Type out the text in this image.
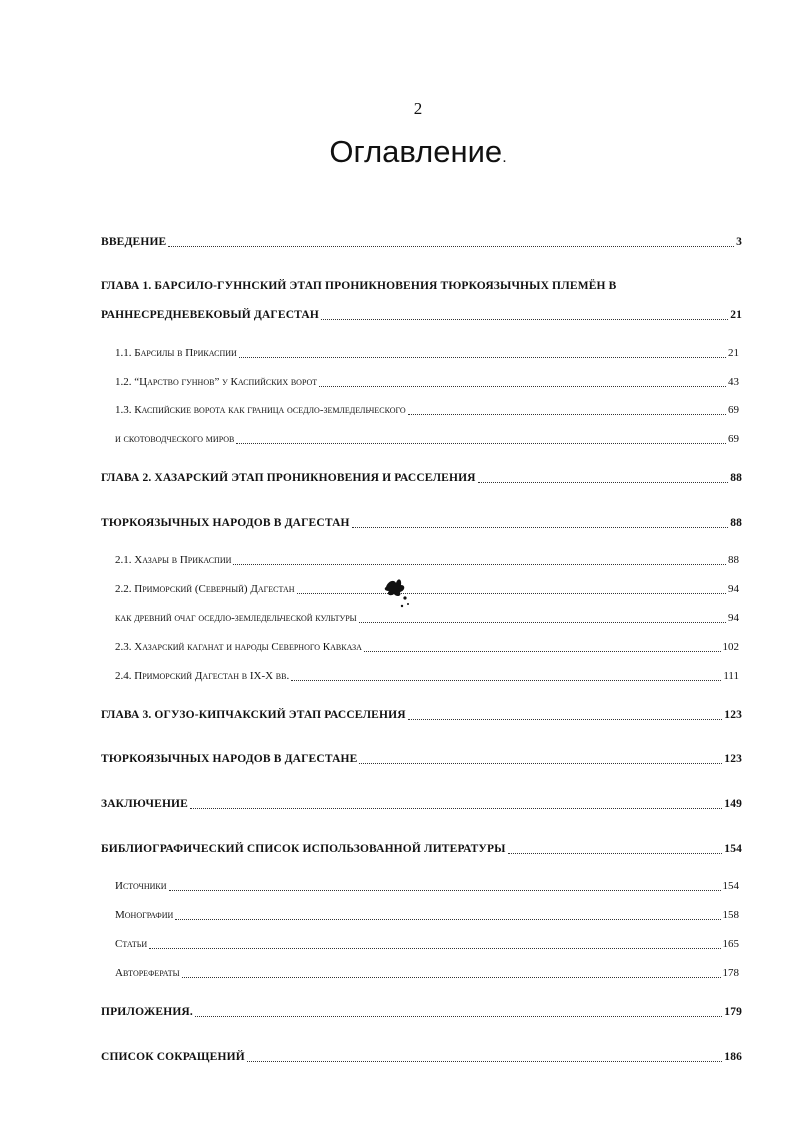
2
Оглавление.
ВВЕДЕНИЕ	3
ГЛАВА 1. БАРСИЛО-ГУННСКИЙ ЭТАП ПРОНИКНОВЕНИЯ ТЮРКОЯЗЫЧНЫХ ПЛЕМЁН В
РАННЕСРЕДНЕВЕКОВЫЙ ДАГЕСТАН	21
1.1. Барсилы в Прикаспии	21
1.2. “Царство гуннов” у Каспийских ворот	43
1.3. Каспийские ворота как граница оседло-земледельческого	69
и скотоводческого миров	69
ГЛАВА 2. ХАЗАРСКИЙ ЭТАП ПРОНИКНОВЕНИЯ И РАССЕЛЕНИЯ	88
ТЮРКОЯЗЫЧНЫХ НАРОДОВ В ДАГЕСТАН	88
2.1. Хазары в Прикаспии	88
2.2. Приморский (Северный) Дагестан	94
как древний очаг оседло-земледельческой культуры	94
2.3. Хазарский каганат и народы Северного Кавказа	102
2.4. Приморский Дагестан в IX-X вв.	111
ГЛАВА 3. ОГУЗО-КИПЧАКСКИЙ ЭТАП РАССЕЛЕНИЯ	123
ТЮРКОЯЗЫЧНЫХ НАРОДОВ В ДАГЕСТАНЕ	123
ЗАКЛЮЧЕНИЕ	149
БИБЛИОГРАФИЧЕСКИЙ СПИСОК ИСПОЛЬЗОВАННОЙ ЛИТЕРАТУРЫ	154
Источники	154
Монографии	158
Статьи	165
Авторефераты	178
ПРИЛОЖЕНИЯ.	179
СПИСОК СОКРАЩЕНИЙ	186
